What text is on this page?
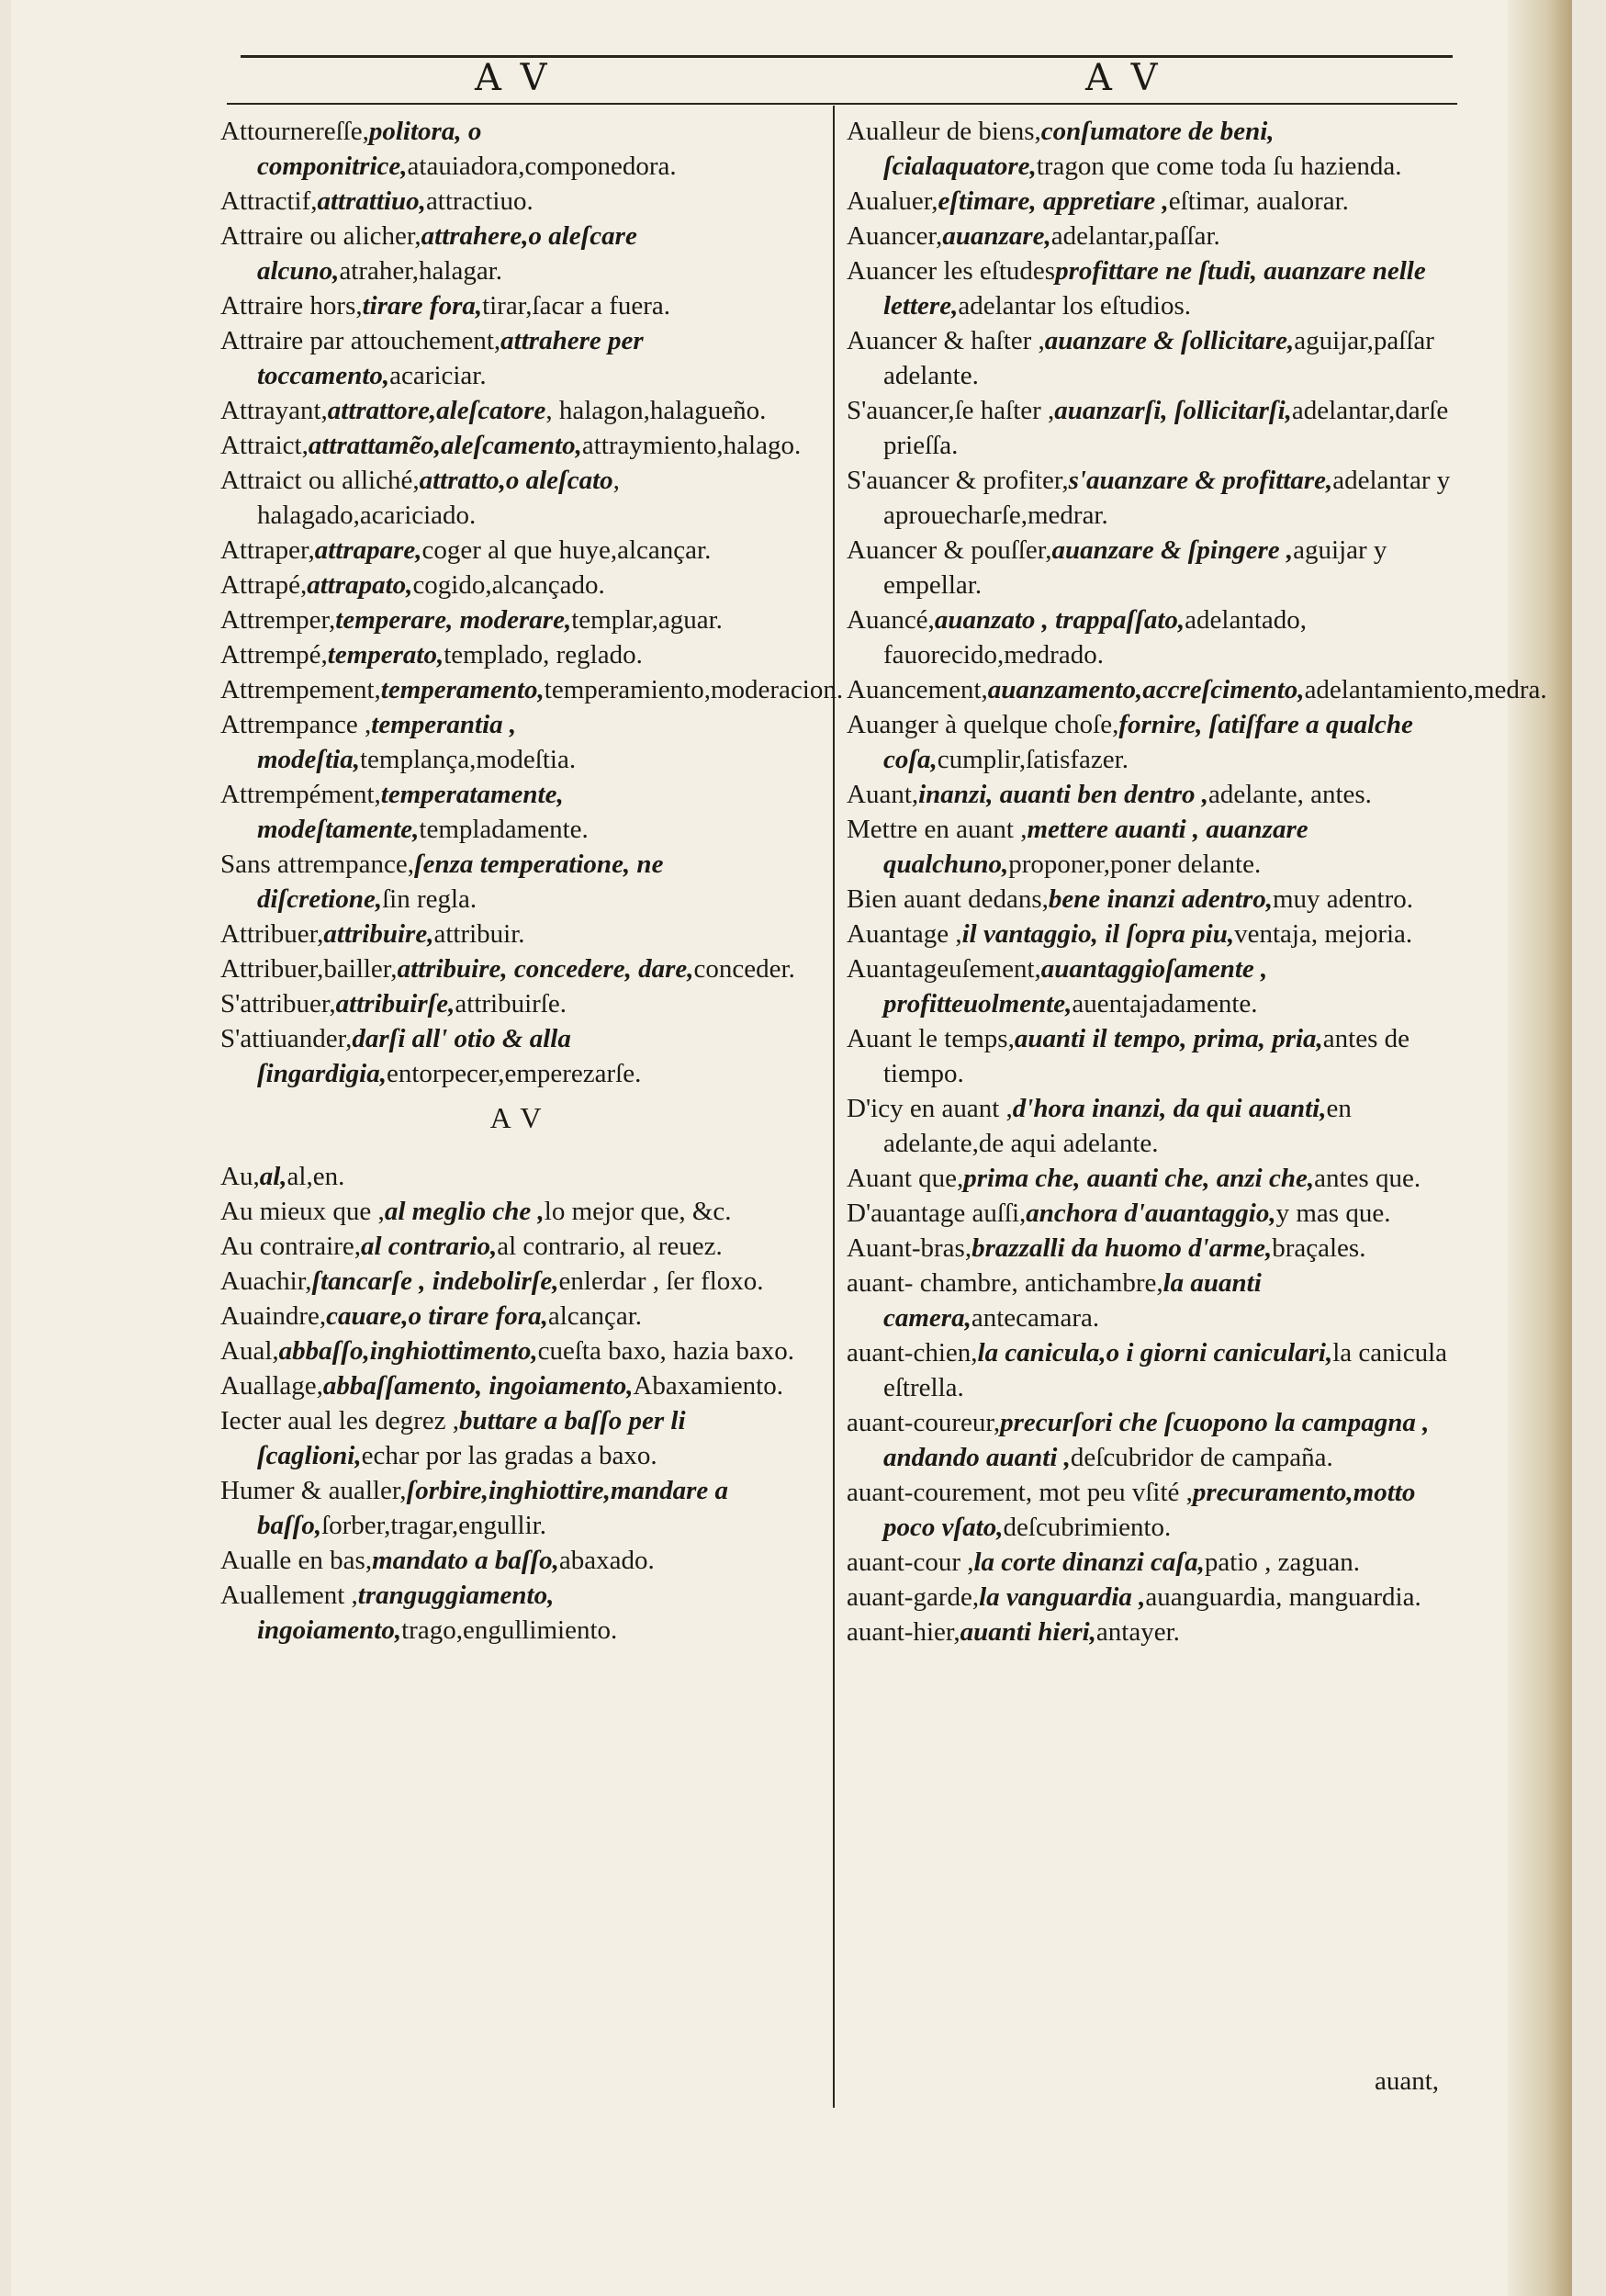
A V	A V

Attournereſſe,politora, o componitrice,atauiadora,componedora.

Attractif,attrattiuo,attractiuo.

Attraire ou alicher,attrahere,o aleſcare alcuno,atraher,halagar.

Attraire hors,tirare fora,tirar,ſacar a fuera.

Attraire par attouchement,attrahere per toccamento,acariciar.

Attrayant,attrattore,aleſcatore, halagon,halagueño.

Attraict,attrattamẽo,aleſcamento,attraymiento,halago.

Attraict ou alliché,attratto,o aleſcato, halagado,acariciado.

Attraper,attrapare,coger al que huye,alcançar.

Attrapé,attrapato,cogido,alcançado.

Attremper,temperare, moderare,templar,aguar.

Attrempé,temperato,templado, reglado.

Attrempement,temperamento,temperamiento,moderacion.

Attrempance ,temperantia , modeſtia,templança,modeſtia.

Attrempément,temperatamente, modeſtamente,templadamente.

Sans attrempance,ſenza temperatione, ne diſcretione,ſin regla.

Attribuer,attribuire,attribuir.

Attribuer,bailler,attribuire, concedere, dare,conceder.

S'attribuer,attribuirſe,attribuirſe.

S'attiuander,darſi all' otio & alla ſingardigia,entorpecer,emperezarſe.

A V

Au,al,al,en.

Au mieux que ,al meglio che ,lo mejor que, &c.

Au contraire,al contrario,al contrario, al reuez.

Auachir,ſtancarſe , indebolirſe,enlerdar , ſer floxo.

Auaindre,cauare,o tirare fora,alcançar.

Aual,abbaſſo,inghiottimento,cueſta baxo, hazia baxo.

Auallage,abbaſſamento, ingoiamento,Abaxamiento.

Iecter aual les degrez ,buttare a baſſo per li ſcaglioni,echar por las gradas a baxo.

Humer & aualler,ſorbire,inghiottire,mandare a baſſo,ſorber,tragar,engullir.

Aualle en bas,mandato a baſſo,abaxado.

Auallement ,tranguggiamento, ingoiamento,trago,engullimiento.

Aualleur de biens,conſumatore de beni, ſcialaquatore,tragon que come toda ſu hazienda.

Aualuer,eſtimare, appretiare ,eſtimar, aualorar.

Auancer,auanzare,adelantar,paſſar.

Auancer les eſtudesprofittare ne ſtudi, auanzare nelle lettere,adelantar los eſtudios.

Auancer & haſter ,auanzare & ſollicitare,aguijar,paſſar adelante.

S'auancer,ſe haſter ,auanzarſi, ſollicitarſi,adelantar,darſe prieſſa.

S'auancer & profiter,s'auanzare & profittare,adelantar y aprouecharſe,medrar.

Auancer & pouſſer,auanzare & ſpingere ,aguijar y empellar.

Auancé,auanzato , trappaſſato,adelantado, fauorecido,medrado.

Auancement,auanzamento,accreſcimento,adelantamiento,medra.

Auanger à quelque choſe,fornire, ſatiſfare a qualche coſa,cumplir,ſatisfazer.

Auant,inanzi, auanti ben dentro ,adelante, antes.

Mettre en auant ,mettere auanti , auanzare qualchuno,proponer,poner delante.

Bien auant dedans,bene inanzi adentro,muy adentro.

Auantage ,il vantaggio, il ſopra piu,ventaja, mejoria.

Auantageuſement,auantaggioſamente , profitteuolmente,auentajadamente.

Auant le temps,auanti il tempo, prima, pria,antes de tiempo.

D'icy en auant ,d'hora inanzi, da qui auanti,en adelante,de aqui adelante.

Auant que,prima che, auanti che, anzi che,antes que.

D'auantage auſſi,anchora d'auantaggio,y mas que.

Auant-bras,brazzalli da huomo d'arme,braçales.

auant- chambre, antichambre,la auanti camera,antecamara.

auant-chien,la canicula,o i giorni caniculari,la canicula eſtrella.

auant-coureur,precurſori che ſcuopono la campagna , andando auanti ,deſcubridor de campaña.

auant-courement, mot peu vſité ,precuramento,motto poco vſato,deſcubrimiento.

auant-cour ,la corte dinanzi caſa,patio , zaguan.

auant-garde,la vanguardia ,auanguardia, manguardia.

auant-hier,auanti hieri,antayer.

auant,
